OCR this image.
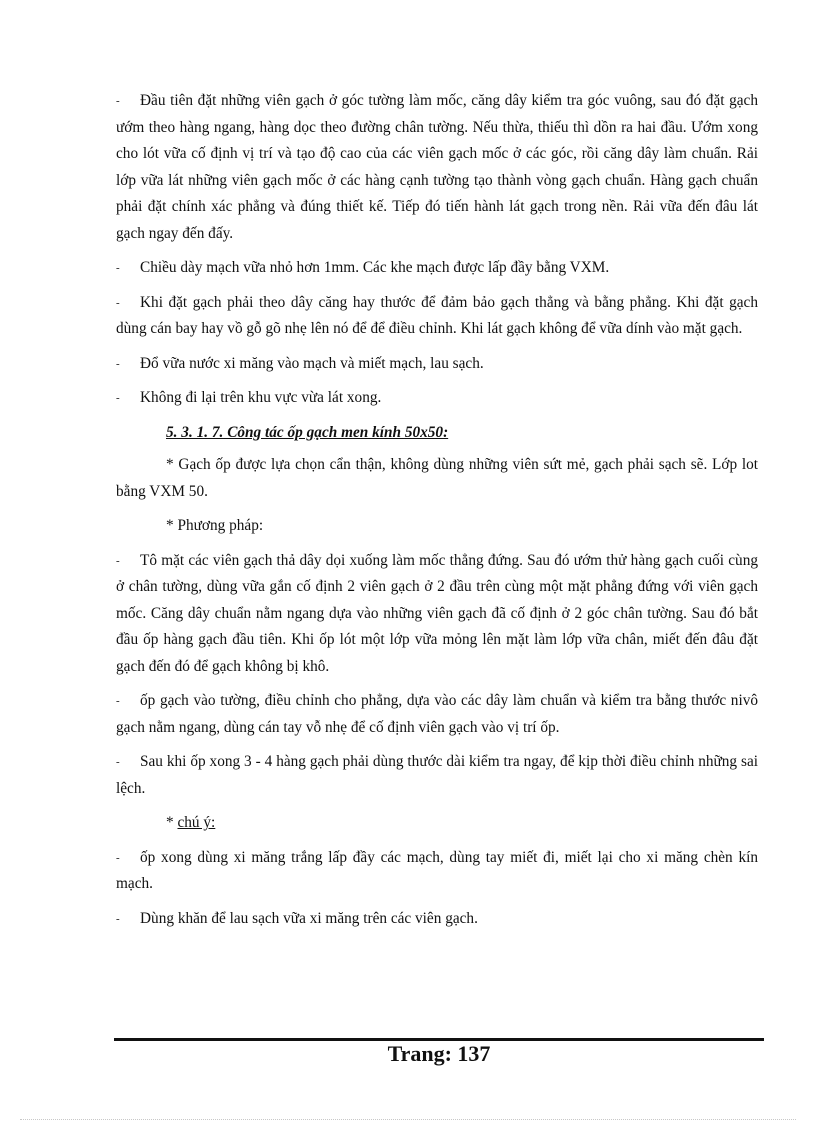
- Đầu tiên đặt những viên gạch ở góc tường làm mốc, căng dây kiểm tra góc vuông, sau đó đặt gạch ướm theo hàng ngang, hàng dọc theo đường chân tường. Nếu thừa, thiếu thì dồn ra hai đầu. Ướm xong cho lót vữa cố định vị trí và tạo độ cao của các viên gạch mốc ở các góc, rồi căng dây làm chuẩn. Rải lớp vữa lát những viên gạch mốc ở các hàng cạnh tường tạo thành vòng gạch chuẩn. Hàng gạch chuẩn phải đặt chính xác phẳng và đúng thiết kế. Tiếp đó tiến hành lát gạch trong nền. Rải vữa đến đâu lát gạch ngay đến đấy.

- Chiều dày mạch vữa nhỏ hơn 1mm. Các khe mạch được lấp đầy bằng VXM.

- Khi đặt gạch phải theo dây căng hay thước để đảm bảo gạch thẳng và bằng phẳng. Khi đặt gạch dùng cán bay hay vồ gỗ gõ nhẹ lên nó để để điều chỉnh. Khi lát gạch không để vữa dính vào mặt gạch.

- Đổ vữa nước xi măng vào mạch và miết mạch, lau sạch.

- Không đi lại trên khu vực vừa lát xong.

5. 3. 1. 7. Công tác ốp gạch men kính 50x50:

* Gạch ốp được lựa chọn cẩn thận, không dùng những viên sứt mẻ, gạch phải sạch sẽ. Lớp lot bằng VXM 50.

* Phương pháp:

- Tô mặt các viên gạch thả dây dọi xuống làm mốc thẳng đứng. Sau đó ướm thử hàng gạch cuối cùng ở chân tường, dùng vữa gắn cố định 2 viên gạch ở 2 đầu trên cùng một mặt phẳng đứng với viên gạch mốc. Căng dây chuẩn nằm ngang dựa vào những viên gạch đã cố định ở 2 góc chân tường. Sau đó bắt đầu ốp hàng gạch đầu tiên. Khi ốp lót một lớp vữa mỏng lên mặt làm lớp vữa chân, miết đến đâu đặt gạch đến đó để gạch không bị khô.

- ốp gạch vào tường, điều chỉnh cho phẳng, dựa vào các dây làm chuẩn và kiểm tra bằng thước nivô gạch nằm ngang, dùng cán tay vỗ nhẹ để cố định viên gạch vào vị trí ốp.

- Sau khi ốp xong 3 - 4 hàng gạch phải dùng thước dài kiểm tra ngay, để kịp thời điều chỉnh những sai lệch.

* chú ý:

- ốp xong dùng xi măng trắng lấp đầy các mạch, dùng tay miết đi, miết lại cho xi măng chèn kín mạch.

- Dùng khăn để lau sạch vữa xi măng trên các viên gạch.

Trang: 137
